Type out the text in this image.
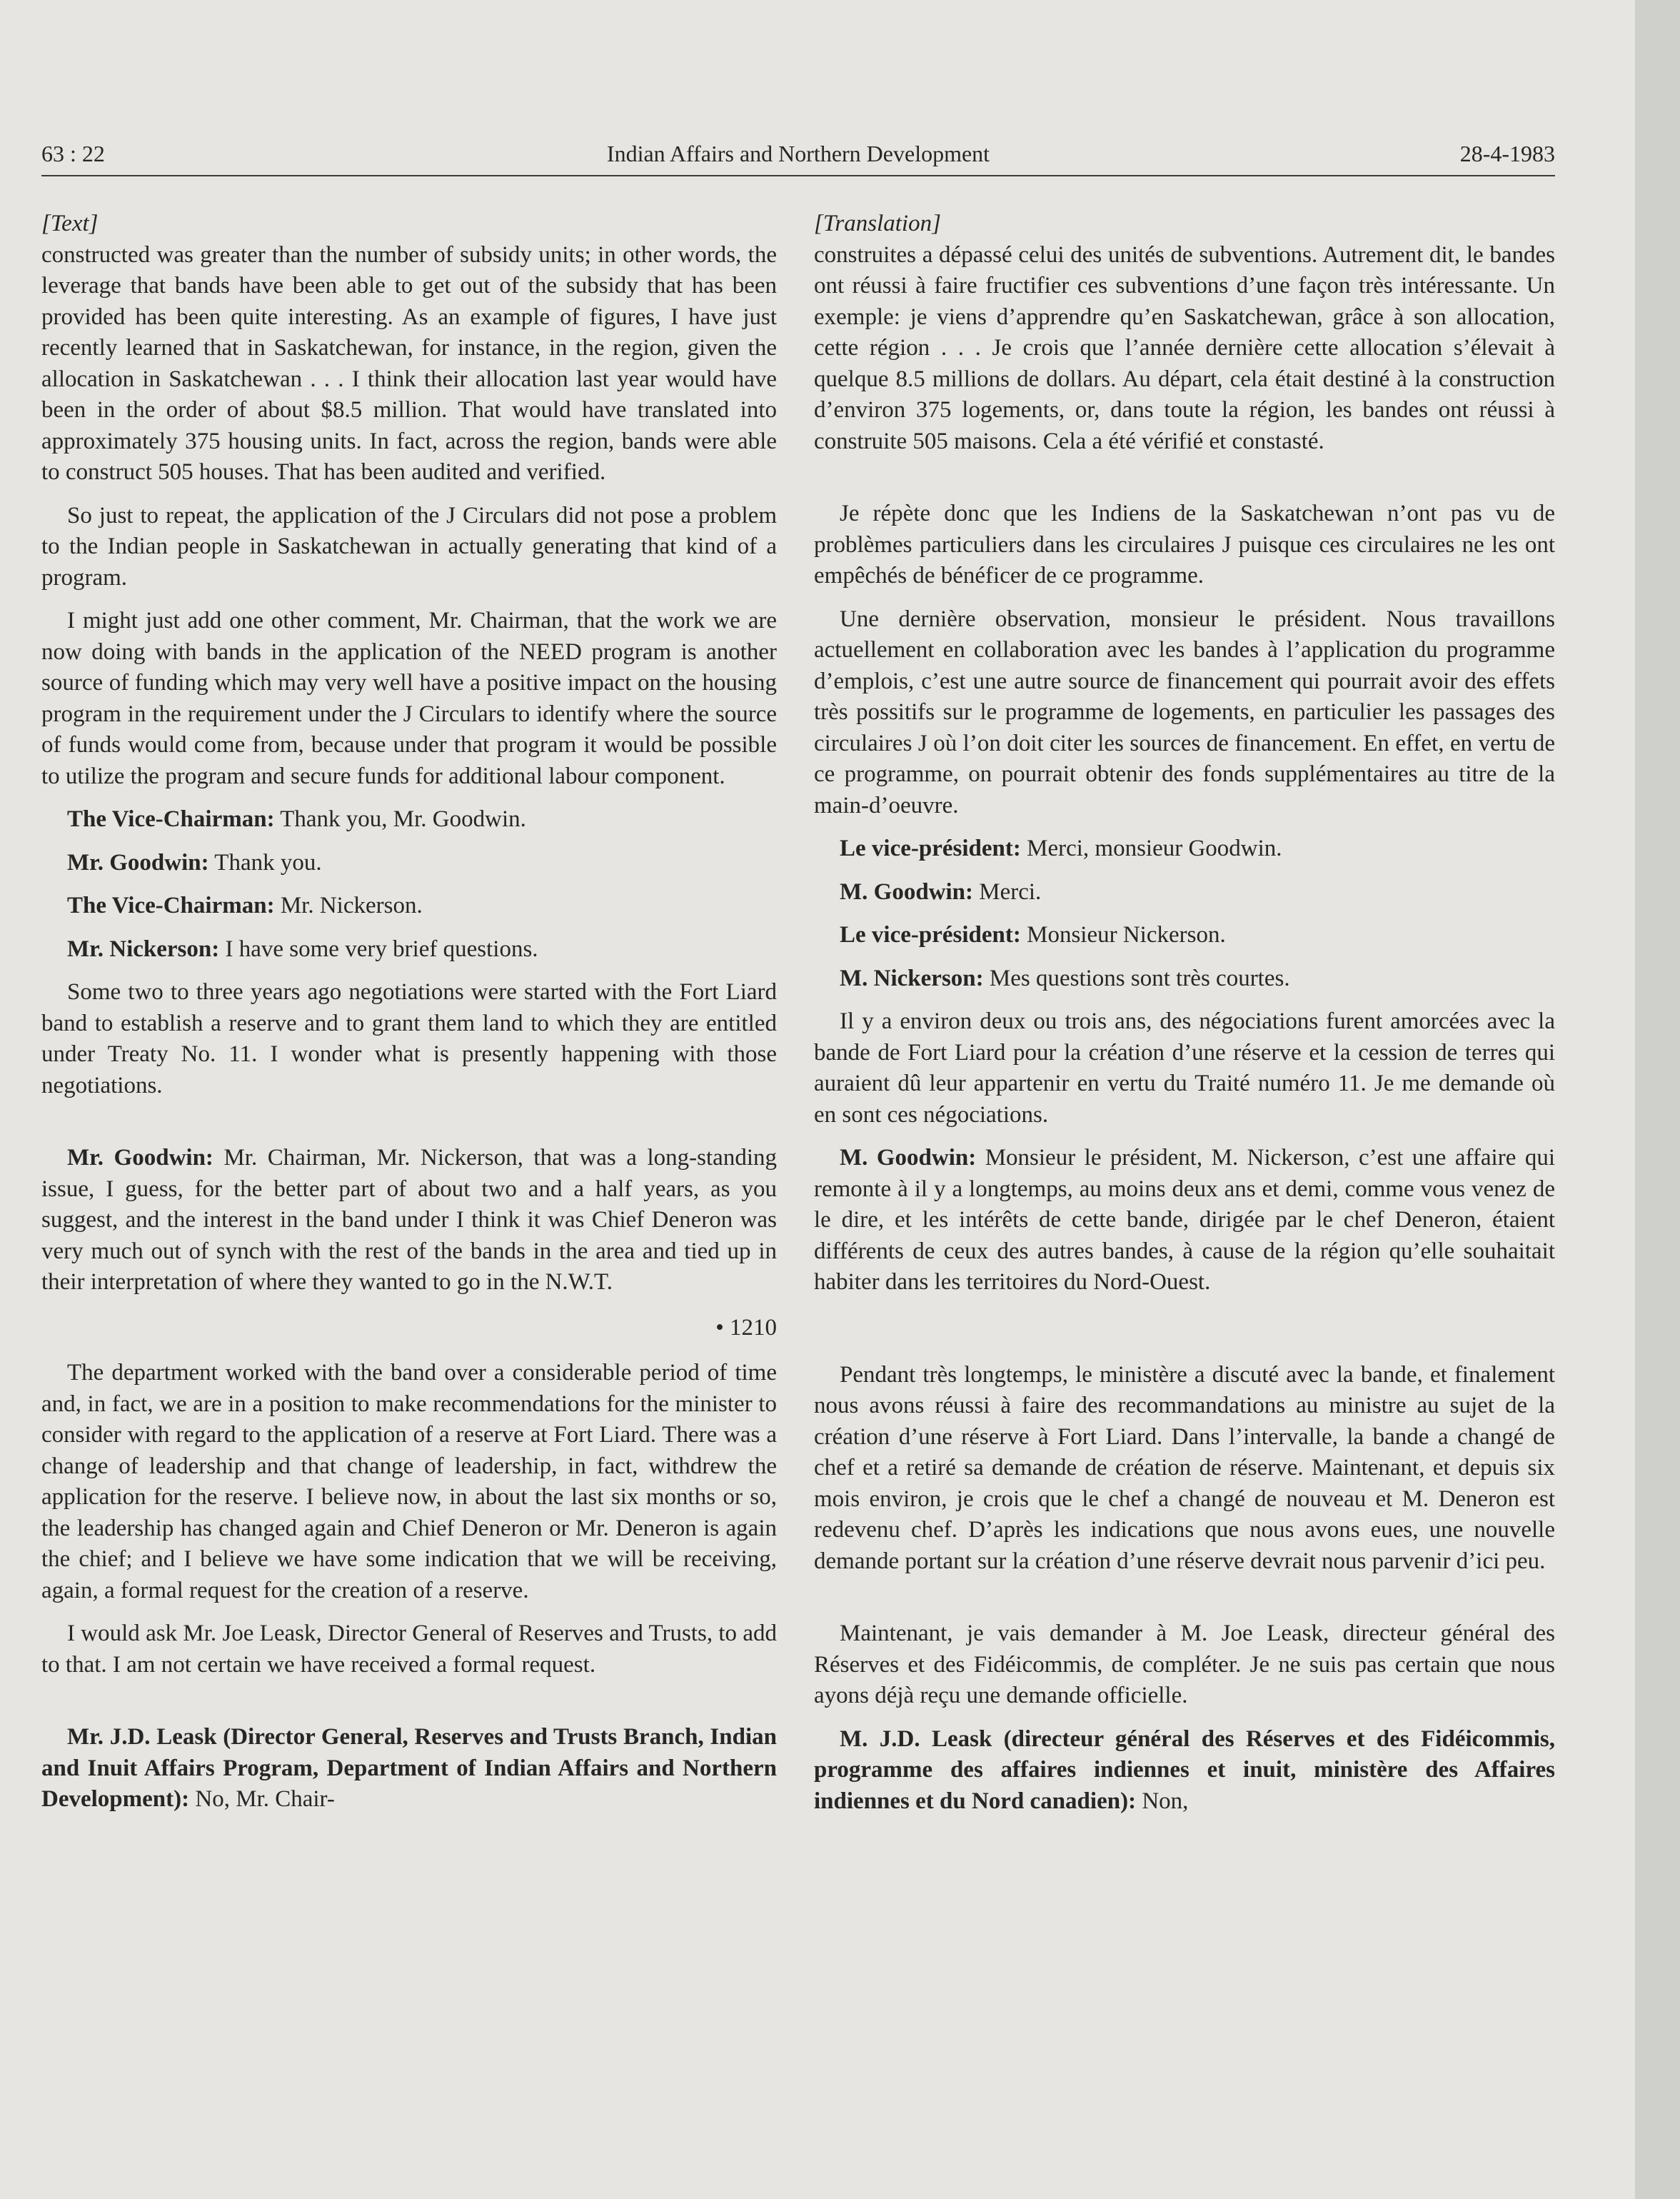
63 : 22	Indian Affairs and Northern Development	28-4-1983

[Text]

constructed was greater than the number of subsidy units; in other words, the leverage that bands have been able to get out of the subsidy that has been provided has been quite interesting. As an example of figures, I have just recently learned that in Saskatchewan, for instance, in the region, given the allocation in Saskatchewan . . . I think their allocation last year would have been in the order of about $8.5 million. That would have translated into approximately 375 housing units. In fact, across the region, bands were able to construct 505 houses. That has been audited and verified.

So just to repeat, the application of the J Circulars did not pose a problem to the Indian people in Saskatchewan in actually generating that kind of a program.

I might just add one other comment, Mr. Chairman, that the work we are now doing with bands in the application of the NEED program is another source of funding which may very well have a positive impact on the housing program in the requirement under the J Circulars to identify where the source of funds would come from, because under that program it would be possible to utilize the program and secure funds for additional labour component.

The Vice-Chairman: Thank you, Mr. Goodwin.

Mr. Goodwin: Thank you.

The Vice-Chairman: Mr. Nickerson.

Mr. Nickerson: I have some very brief questions.

Some two to three years ago negotiations were started with the Fort Liard band to establish a reserve and to grant them land to which they are entitled under Treaty No. 11. I wonder what is presently happening with those negotiations.

Mr. Goodwin: Mr. Chairman, Mr. Nickerson, that was a long-standing issue, I guess, for the better part of about two and a half years, as you suggest, and the interest in the band under I think it was Chief Deneron was very much out of synch with the rest of the bands in the area and tied up in their interpretation of where they wanted to go in the N.W.T.

• 1210

The department worked with the band over a considerable period of time and, in fact, we are in a position to make recommendations for the minister to consider with regard to the application of a reserve at Fort Liard. There was a change of leadership and that change of leadership, in fact, withdrew the application for the reserve. I believe now, in about the last six months or so, the leadership has changed again and Chief Deneron or Mr. Deneron is again the chief; and I believe we have some indication that we will be receiving, again, a formal request for the creation of a reserve.

I would ask Mr. Joe Leask, Director General of Reserves and Trusts, to add to that. I am not certain we have received a formal request.

Mr. J.D. Leask (Director General, Reserves and Trusts Branch, Indian and Inuit Affairs Program, Department of Indian Affairs and Northern Development): No, Mr. Chair-

[Translation]

construites a dépassé celui des unités de subventions. Autrement dit, le bandes ont réussi à faire fructifier ces subventions d’une façon très intéressante. Un exemple: je viens d’apprendre qu’en Saskatchewan, grâce à son allocation, cette région . . . Je crois que l’année dernière cette allocation s’élevait à quelque 8.5 millions de dollars. Au départ, cela était destiné à la construction d’environ 375 logements, or, dans toute la région, les bandes ont réussi à construite 505 maisons. Cela a été vérifié et constasté.

Je répète donc que les Indiens de la Saskatchewan n’ont pas vu de problèmes particuliers dans les circulaires J puisque ces circulaires ne les ont empêchés de bénéficer de ce programme.

Une dernière observation, monsieur le président. Nous travaillons actuellement en collaboration avec les bandes à l’application du programme d’emplois, c’est une autre source de financement qui pourrait avoir des effets très possitifs sur le programme de logements, en particulier les passages des circulaires J où l’on doit citer les sources de financement. En effet, en vertu de ce programme, on pourrait obtenir des fonds supplémentaires au titre de la main-d’oeuvre.

Le vice-président: Merci, monsieur Goodwin.

M. Goodwin: Merci.

Le vice-président: Monsieur Nickerson.

M. Nickerson: Mes questions sont très courtes.

Il y a environ deux ou trois ans, des négociations furent amorcées avec la bande de Fort Liard pour la création d’une réserve et la cession de terres qui auraient dû leur appartenir en vertu du Traité numéro 11. Je me demande où en sont ces négociations.

M. Goodwin: Monsieur le président, M. Nickerson, c’est une affaire qui remonte à il y a longtemps, au moins deux ans et demi, comme vous venez de le dire, et les intérêts de cette bande, dirigée par le chef Deneron, étaient différents de ceux des autres bandes, à cause de la région qu’elle souhaitait habiter dans les territoires du Nord-Ouest.

Pendant très longtemps, le ministère a discuté avec la bande, et finalement nous avons réussi à faire des recommandations au ministre au sujet de la création d’une réserve à Fort Liard. Dans l’intervalle, la bande a changé de chef et a retiré sa demande de création de réserve. Maintenant, et depuis six mois environ, je crois que le chef a changé de nouveau et M. Deneron est redevenu chef. D’après les indications que nous avons eues, une nouvelle demande portant sur la création d’une réserve devrait nous parvenir d’ici peu.

Maintenant, je vais demander à M. Joe Leask, directeur général des Réserves et des Fidéicommis, de compléter. Je ne suis pas certain que nous ayons déjà reçu une demande officielle.

M. J.D. Leask (directeur général des Réserves et des Fidéicommis, programme des affaires indiennes et inuit, ministère des Affaires indiennes et du Nord canadien): Non,
